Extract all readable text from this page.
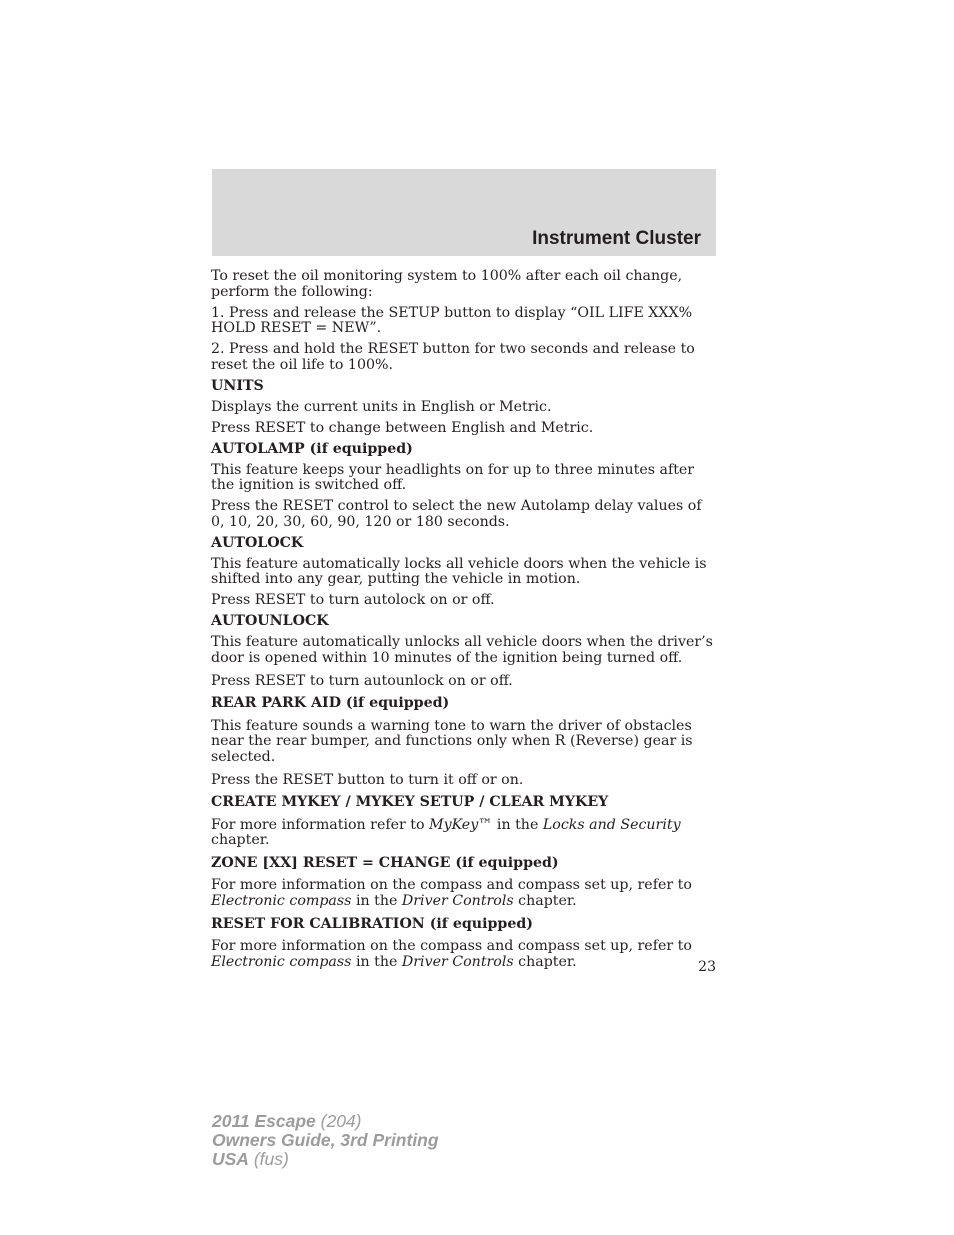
Instrument Cluster

To reset the oil monitoring system to 100% after each oil change, perform the following:

1. Press and release the SETUP button to display “OIL LIFE XXX% HOLD RESET = NEW”.

2. Press and hold the RESET button for two seconds and release to reset the oil life to 100%.

UNITS

Displays the current units in English or Metric.

Press RESET to change between English and Metric.

AUTOLAMP (if equipped)

This feature keeps your headlights on for up to three minutes after the ignition is switched off.

Press the RESET control to select the new Autolamp delay values of 0, 10, 20, 30, 60, 90, 120 or 180 seconds.

AUTOLOCK

This feature automatically locks all vehicle doors when the vehicle is shifted into any gear, putting the vehicle in motion.

Press RESET to turn autolock on or off.

AUTOUNLOCK

This feature automatically unlocks all vehicle doors when the driver’s door is opened within 10 minutes of the ignition being turned off.

Press RESET to turn autounlock on or off.

REAR PARK AID (if equipped)

This feature sounds a warning tone to warn the driver of obstacles near the rear bumper, and functions only when R (Reverse) gear is selected.

Press the RESET button to turn it off or on.

CREATE MYKEY / MYKEY SETUP / CLEAR MYKEY

For more information refer to MyKey™ in the Locks and Security chapter.

ZONE [XX] RESET = CHANGE (if equipped)

For more information on the compass and compass set up, refer to Electronic compass in the Driver Controls chapter.

RESET FOR CALIBRATION (if equipped)

For more information on the compass and compass set up, refer to Electronic compass in the Driver Controls chapter.	23
2011 Escape (204)
Owners Guide, 3rd Printing
USA (fus)
